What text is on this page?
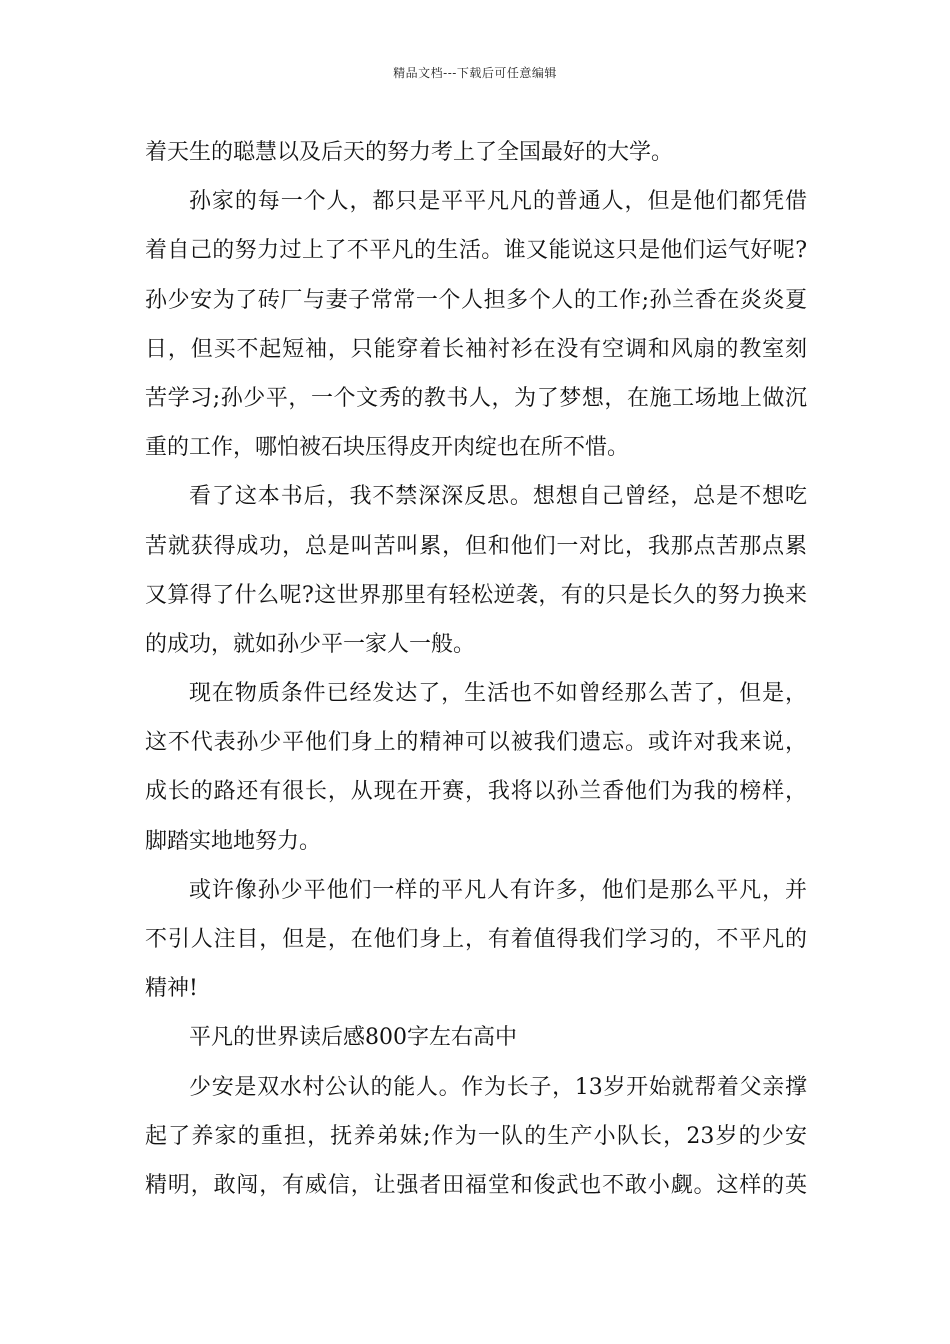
精品文档---下载后可任意编辑
着天生的聪慧以及后天的努力考上了全国最好的大学。
孙家的每一个人，都只是平平凡凡的普通人，但是他们都凭借
着自己的努力过上了不平凡的生活。谁又能说这只是他们运气好呢?
孙少安为了砖厂与妻子常常一个人担多个人的工作;孙兰香在炎炎夏
日，但买不起短袖，只能穿着长袖衬衫在没有空调和风扇的教室刻
苦学习;孙少平，一个文秀的教书人，为了梦想，在施工场地上做沉
重的工作，哪怕被石块压得皮开肉绽也在所不惜。
看了这本书后，我不禁深深反思。想想自己曾经，总是不想吃
苦就获得成功，总是叫苦叫累，但和他们一对比，我那点苦那点累
又算得了什么呢?这世界那里有轻松逆袭，有的只是长久的努力换来
的成功，就如孙少平一家人一般。
现在物质条件已经发达了，生活也不如曾经那么苦了，但是，
这不代表孙少平他们身上的精神可以被我们遗忘。或许对我来说，
成长的路还有很长，从现在开赛，我将以孙兰香他们为我的榜样，
脚踏实地地努力。
或许像孙少平他们一样的平凡人有许多，他们是那么平凡，并
不引人注目，但是，在他们身上，有着值得我们学习的，不平凡的
精神!
平凡的世界读后感800字左右高中
少安是双水村公认的能人。作为长子，13岁开始就帮着父亲撑
起了养家的重担，抚养弟妹;作为一队的生产小队长，23岁的少安
精明，敢闯，有威信，让强者田福堂和俊武也不敢小觑。这样的英
